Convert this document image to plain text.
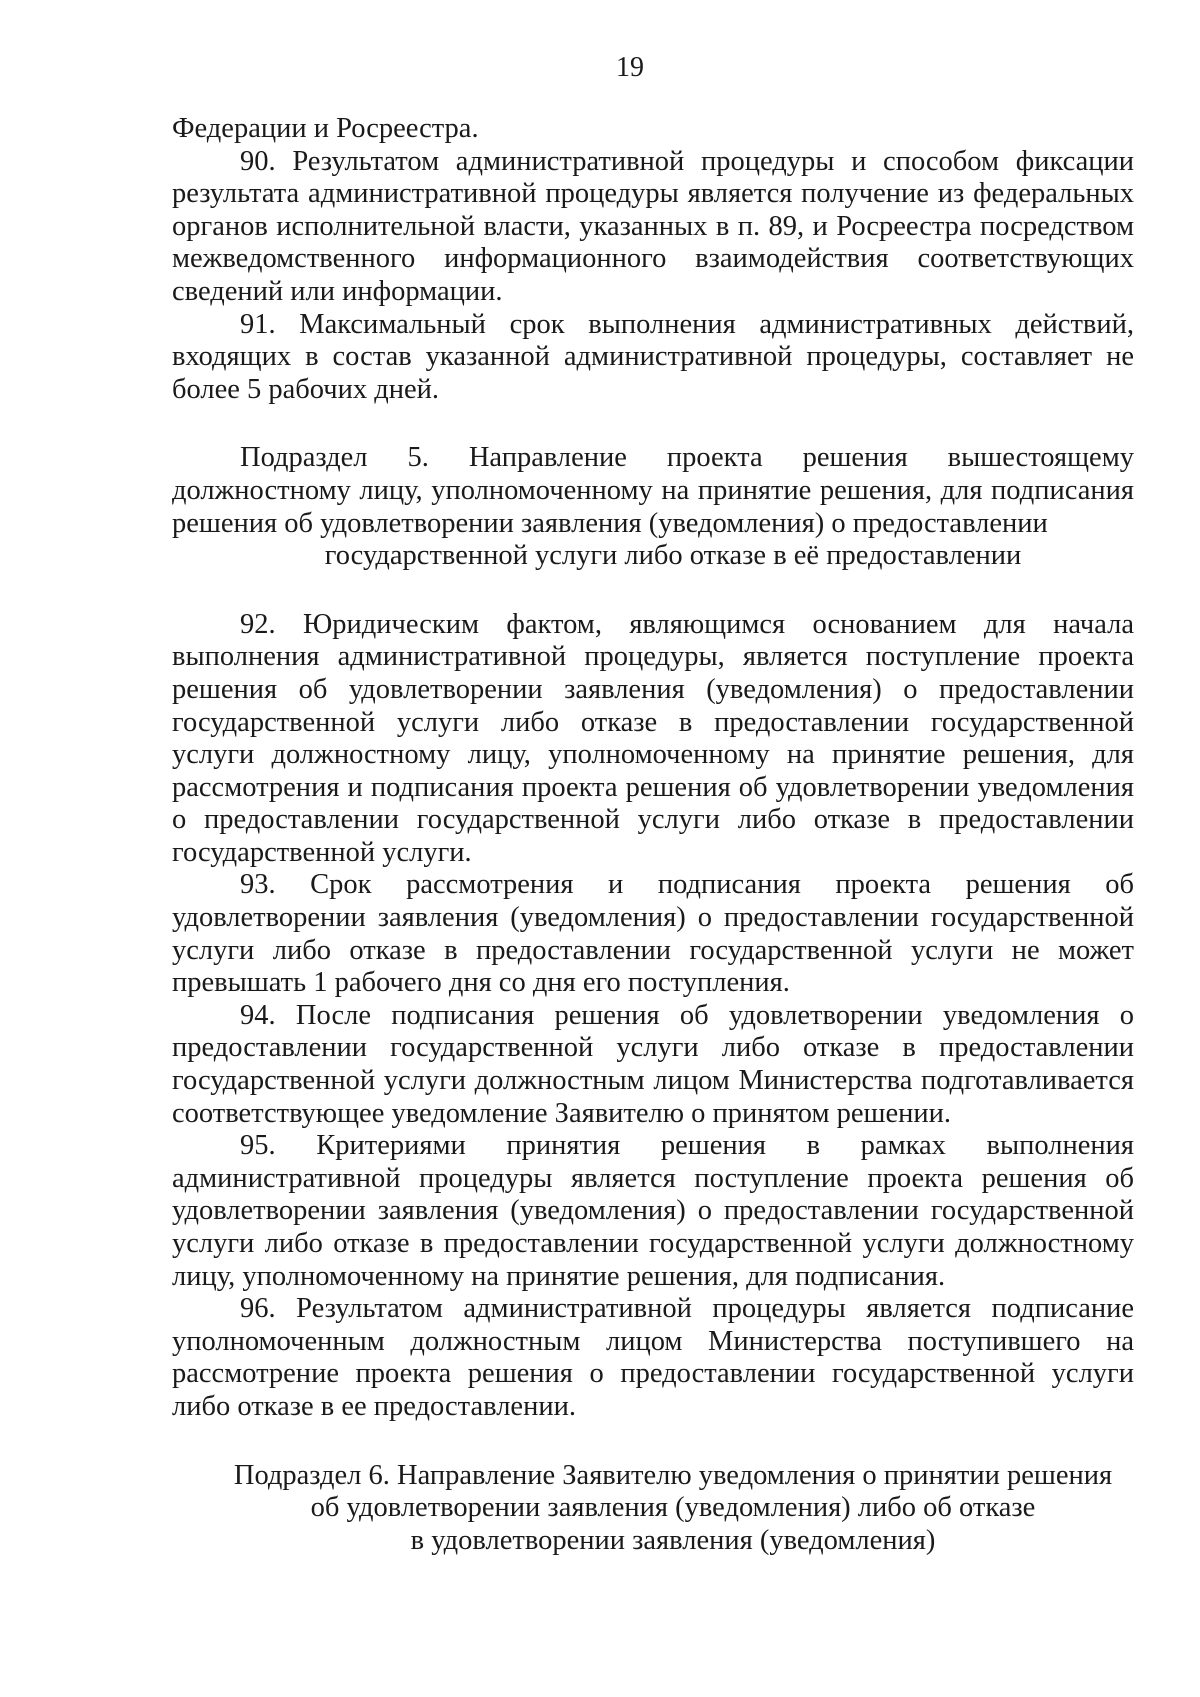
19

Федерации и Росреестра.

90. Результатом административной процедуры и способом фиксации результата административной процедуры является получение из федеральных органов исполнительной власти, указанных в п. 89, и Росреестра посредством межведомственного информационного взаимодействия соответствующих сведений или информации.

91. Максимальный срок выполнения административных действий, входящих в состав указанной административной процедуры, составляет не более 5 рабочих дней.

Подраздел 5. Направление проекта решения вышестоящему должностному лицу, уполномоченному на принятие решения, для подписания решения об удовлетворении заявления (уведомления) о предоставлении

государственной услуги либо отказе в её предоставлении

92. Юридическим фактом, являющимся основанием для начала выполнения административной процедуры, является поступление проекта решения об удовлетворении заявления (уведомления) о предоставлении государственной услуги либо отказе в предоставлении государственной услуги должностному лицу, уполномоченному на принятие решения, для рассмотрения и подписания проекта решения об удовлетворении уведомления о предоставлении государственной услуги либо отказе в предоставлении государственной услуги.

93. Срок рассмотрения и подписания проекта решения об удовлетворении заявления (уведомления) о предоставлении государственной услуги либо отказе в предоставлении государственной услуги не может превышать 1 рабочего дня со дня его поступления.

94. После подписания решения об удовлетворении уведомления о предоставлении государственной услуги либо отказе в предоставлении государственной услуги должностным лицом Министерства подготавливается соответствующее уведомление Заявителю о принятом решении.

95. Критериями принятия решения в рамках выполнения административной процедуры является поступление проекта решения об удовлетворении заявления (уведомления) о предоставлении государственной услуги либо отказе в предоставлении государственной услуги должностному лицу, уполномоченному на принятие решения, для подписания.

96. Результатом административной процедуры является подписание уполномоченным должностным лицом Министерства поступившего на рассмотрение проекта решения о предоставлении государственной услуги либо отказе в ее предоставлении.

Подраздел 6. Направление Заявителю уведомления о принятии решения

об удовлетворении заявления (уведомления) либо об отказе

в удовлетворении заявления (уведомления)
